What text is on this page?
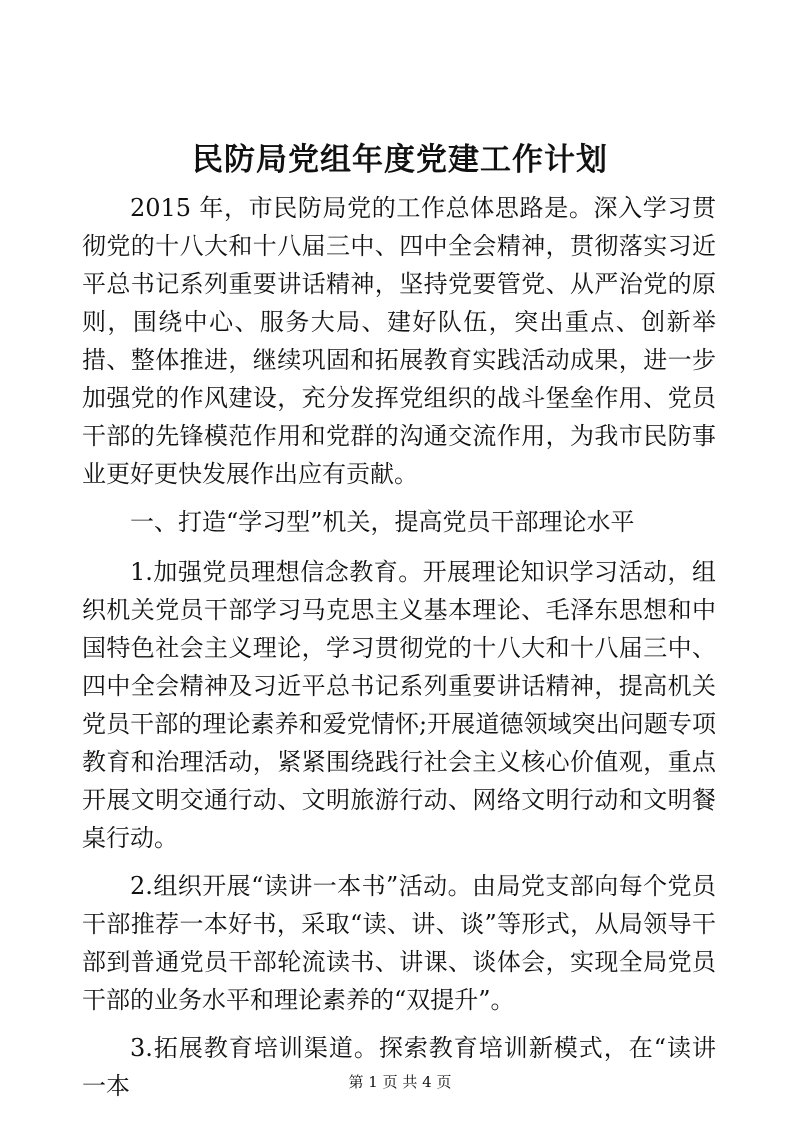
民防局党组年度党建工作计划

2015 年，市民防局党的工作总体思路是。深入学习贯彻党的十八大和十八届三中、四中全会精神，贯彻落实习近平总书记系列重要讲话精神，坚持党要管党、从严治党的原则，围绕中心、服务大局、建好队伍，突出重点、创新举措、整体推进，继续巩固和拓展教育实践活动成果，进一步加强党的作风建设，充分发挥党组织的战斗堡垒作用、党员干部的先锋模范作用和党群的沟通交流作用，为我市民防事业更好更快发展作出应有贡献。

一、打造“学习型”机关，提高党员干部理论水平

1.加强党员理想信念教育。开展理论知识学习活动，组织机关党员干部学习马克思主义基本理论、毛泽东思想和中国特色社会主义理论，学习贯彻党的十八大和十八届三中、四中全会精神及习近平总书记系列重要讲话精神，提高机关党员干部的理论素养和爱党情怀;开展道德领域突出问题专项教育和治理活动，紧紧围绕践行社会主义核心价值观，重点开展文明交通行动、文明旅游行动、网络文明行动和文明餐桌行动。

2.组织开展“读讲一本书”活动。由局党支部向每个党员干部推荐一本好书，采取“读、讲、谈”等形式，从局领导干部到普通党员干部轮流读书、讲课、谈体会，实现全局党员干部的业务水平和理论素养的“双提升”。

3.拓展教育培训渠道。探索教育培训新模式，在“读讲一本	第 1 页 共 4 页
